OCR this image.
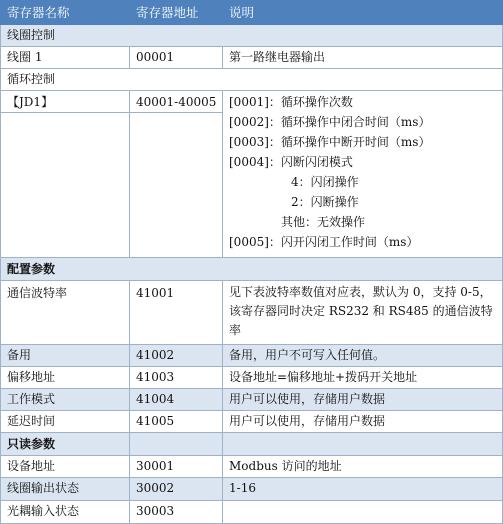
寄存器名称	寄存器地址	说明
线圈控制
线圈 1	00001	第一路继电器输出
循环控制
【JD1】	40001-40005	[0001]：循环操作次数
[0002]：循环操作中闭合时间（ms）
[0003]：循环操作中断开时间（ms）
[0004]：闪断闪闭模式
4：闪闭操作
2：闪断操作
其他：无效操作
[0005]：闪开闪闭工作时间（ms）
配置参数
通信波特率	41001	见下表波特率数值对应表，默认为 0，支持 0-5，该寄存器同时决定 RS232 和 RS485 的通信波特率
备用	41002	备用，用户不可写入任何值。
偏移地址	41003	设备地址=偏移地址+拨码开关地址
工作模式	41004	用户可以使用，存储用户数据
延迟时间	41005	用户可以使用，存储用户数据
只读参数
设备地址	30001	Modbus 访问的地址
线圈输出状态	30002	1-16
光耦输入状态	30003
